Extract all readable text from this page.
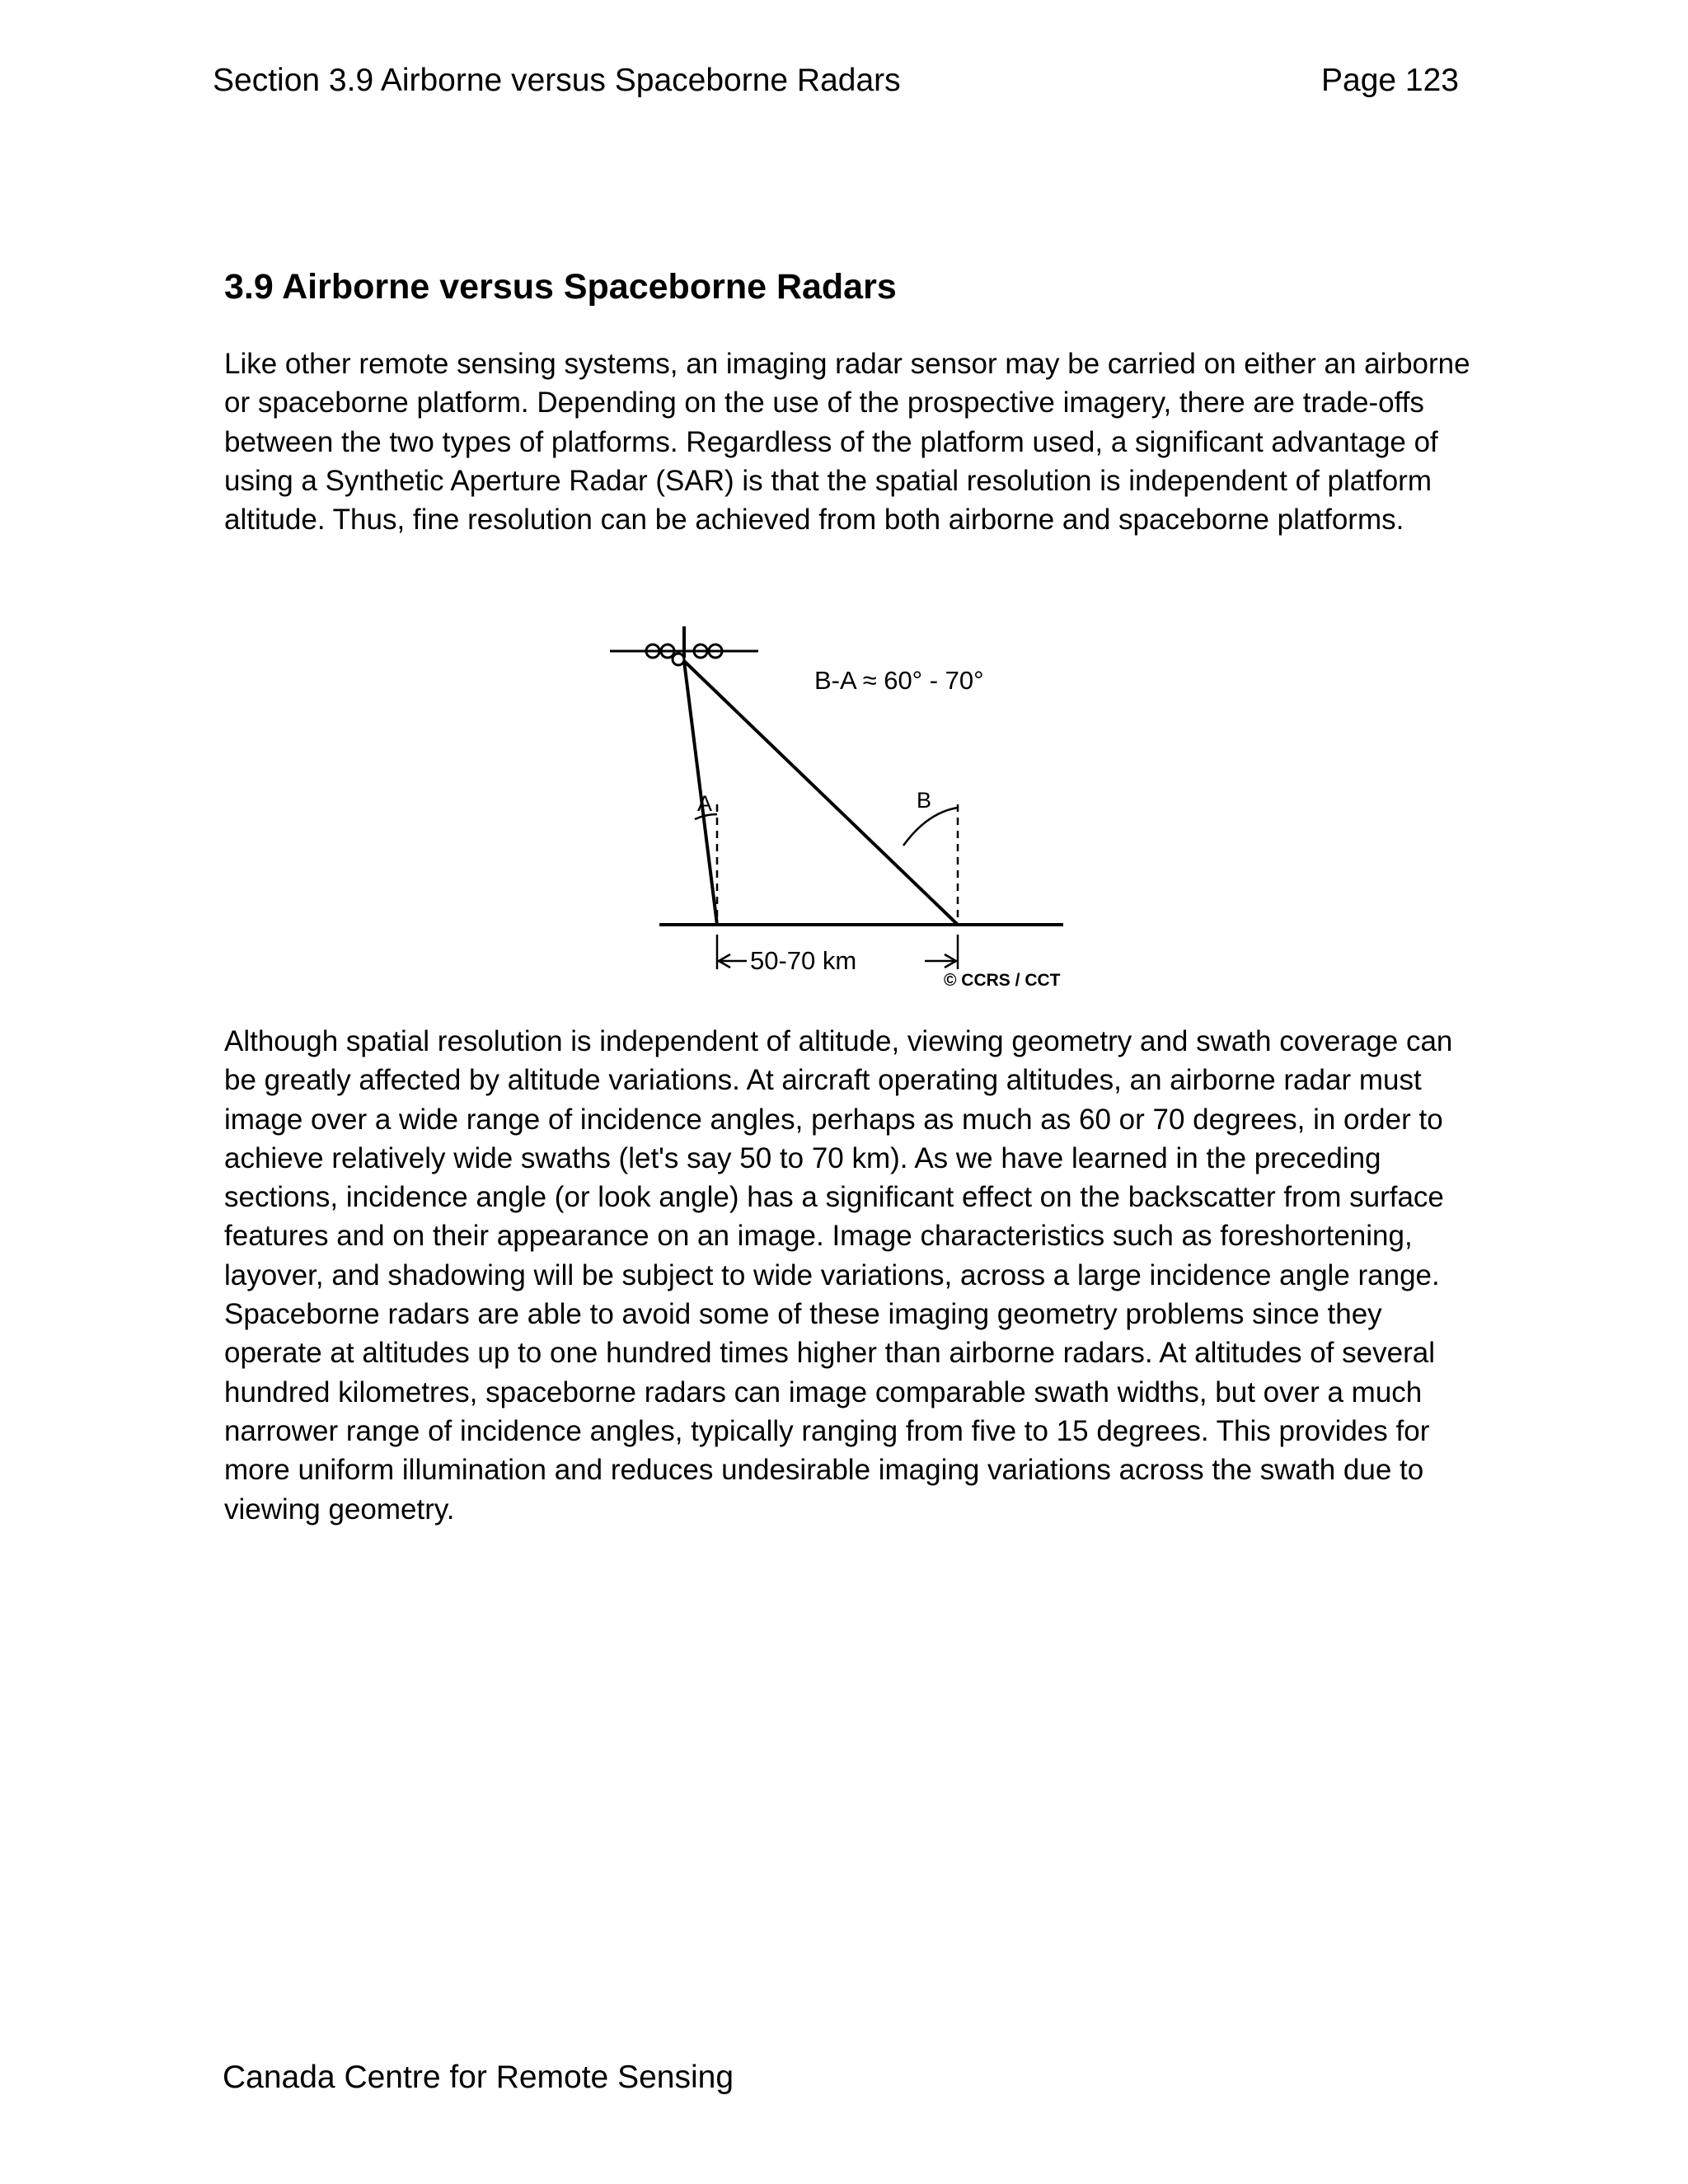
Section 3.9 Airborne versus Spaceborne Radars	Page 123
3.9 Airborne versus Spaceborne Radars

Like other remote sensing systems, an imaging radar sensor may be carried on either an airborne or spaceborne platform. Depending on the use of the prospective imagery, there are trade-offs between the two types of platforms. Regardless of the platform used, a significant advantage of using a Synthetic Aperture Radar (SAR) is that the spatial resolution is independent of platform altitude. Thus, fine resolution can be achieved from both airborne and spaceborne platforms.

B-A ≈ 60° - 70°
A	B
50-70 km
© CCRS / CCT

Although spatial resolution is independent of altitude, viewing geometry and swath coverage can be greatly affected by altitude variations. At aircraft operating altitudes, an airborne radar must image over a wide range of incidence angles, perhaps as much as 60 or 70 degrees, in order to achieve relatively wide swaths (let's say 50 to 70 km). As we have learned in the preceding sections, incidence angle (or look angle) has a significant effect on the backscatter from surface features and on their appearance on an image. Image characteristics such as foreshortening, layover, and shadowing will be subject to wide variations, across a large incidence angle range. Spaceborne radars are able to avoid some of these imaging geometry problems since they operate at altitudes up to one hundred times higher than airborne radars. At altitudes of several hundred kilometres, spaceborne radars can image comparable swath widths, but over a much narrower range of incidence angles, typically ranging from five to 15 degrees. This provides for more uniform illumination and reduces undesirable imaging variations across the swath due to viewing geometry.

Canada Centre for Remote Sensing
